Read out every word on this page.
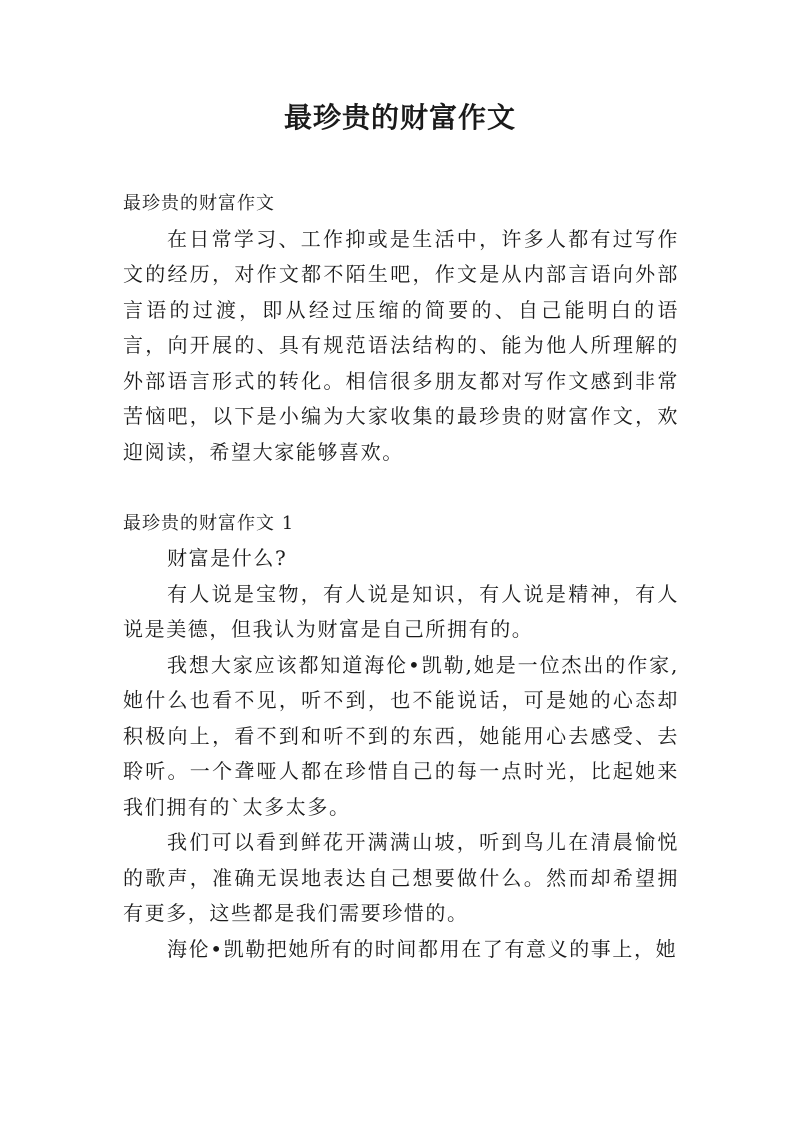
最珍贵的财富作文

最珍贵的财富作文

在日常学习、工作抑或是生活中，许多人都有过写作文的经历，对作文都不陌生吧，作文是从内部言语向外部言语的过渡，即从经过压缩的简要的、自己能明白的语言，向开展的、具有规范语法结构的、能为他人所理解的外部语言形式的转化。相信很多朋友都对写作文感到非常苦恼吧，以下是小编为大家收集的最珍贵的财富作文，欢迎阅读，希望大家能够喜欢。

最珍贵的财富作文 1

财富是什么?

有人说是宝物，有人说是知识，有人说是精神，有人说是美德，但我认为财富是自己所拥有的。

我想大家应该都知道海伦•凯勒,她是一位杰出的作家,她什么也看不见，听不到，也不能说话，可是她的心态却积极向上，看不到和听不到的东西，她能用心去感受、去聆听。一个聋哑人都在珍惜自己的每一点时光，比起她来我们拥有的`太多太多。

我们可以看到鲜花开满满山坡，听到鸟儿在清晨愉悦的歌声，准确无误地表达自己想要做什么。然而却希望拥有更多，这些都是我们需要珍惜的。

海伦•凯勒把她所有的时间都用在了有意义的事上，她
